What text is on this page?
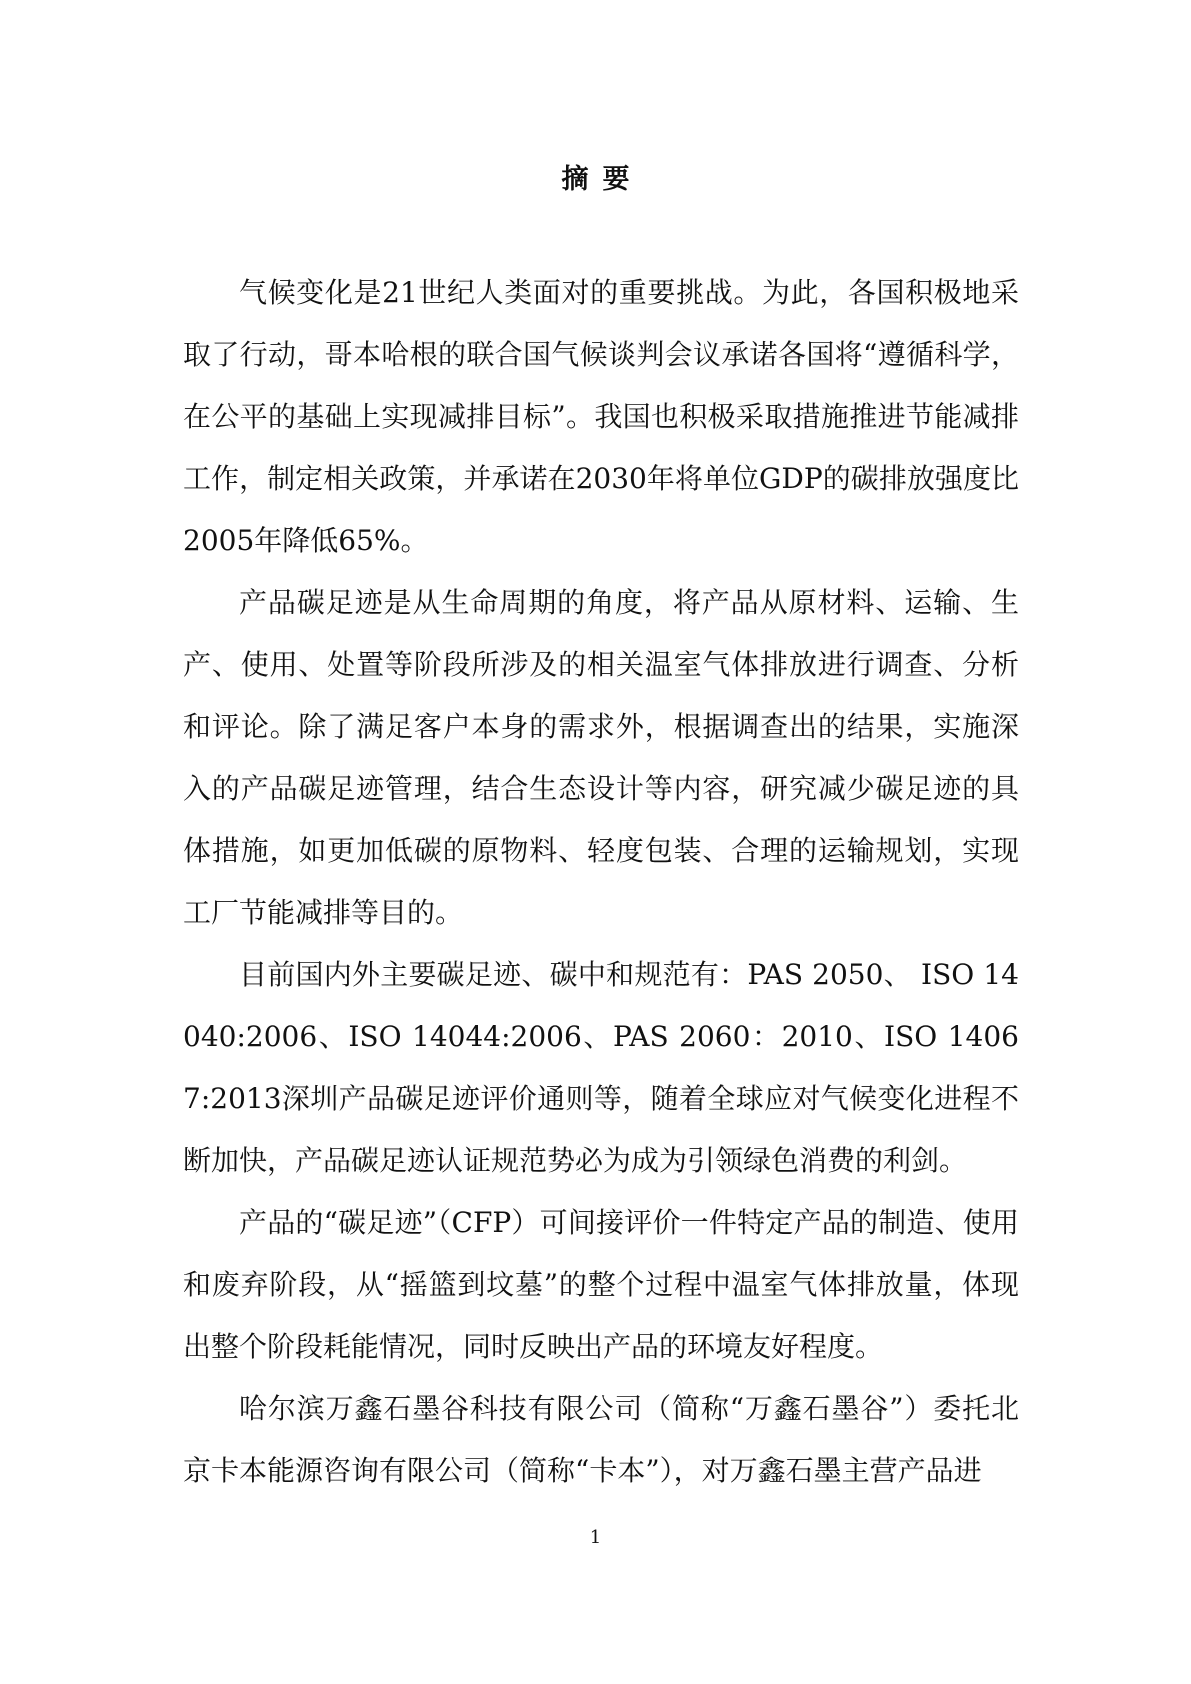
摘要

气候变化是21世纪人类面对的重要挑战。为此，各国积极地采取了行动，哥本哈根的联合国气候谈判会议承诺各国将“遵循科学，在公平的基础上实现减排目标”。我国也积极采取措施推进节能减排工作，制定相关政策，并承诺在2030年将单位GDP的碳排放强度比2005年降低65%。

产品碳足迹是从生命周期的角度，将产品从原材料、运输、生产、使用、处置等阶段所涉及的相关温室气体排放进行调查、分析和评论。除了满足客户本身的需求外，根据调查出的结果，实施深入的产品碳足迹管理，结合生态设计等内容，研究减少碳足迹的具体措施，如更加低碳的原物料、轻度包装、合理的运输规划，实现工厂节能减排等目的。

目前国内外主要碳足迹、碳中和规范有：PAS 2050、 ISO 14040:2006、ISO 14044:2006、PAS 2060：2010、ISO 14067:2013深圳产品碳足迹评价通则等，随着全球应对气候变化进程不断加快，产品碳足迹认证规范势必为成为引领绿色消费的利剑。

产品的“碳足迹”（CFP）可间接评价一件特定产品的制造、使用和废弃阶段，从“摇篮到坟墓”的整个过程中温室气体排放量，体现出整个阶段耗能情况，同时反映出产品的环境友好程度。

哈尔滨万鑫石墨谷科技有限公司（简称“万鑫石墨谷”）委托北京卡本能源咨询有限公司（简称“卡本”），对万鑫石墨主营产品进

1
